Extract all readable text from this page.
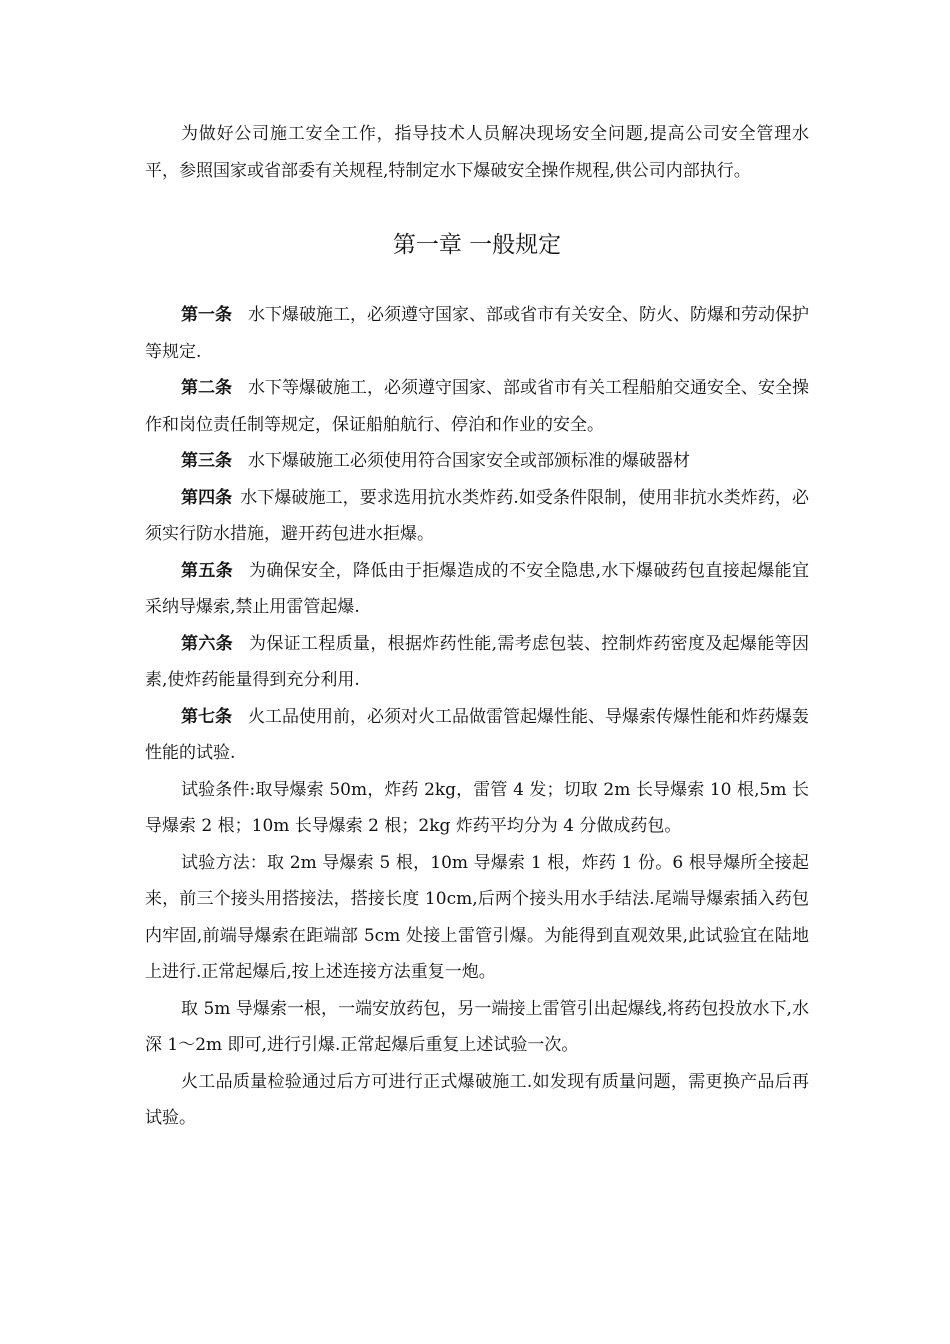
为做好公司施工安全工作，指导技术人员解决现场安全问题,提高公司安全管理水平，参照国家或省部委有关规程,特制定水下爆破安全操作规程,供公司内部执行。

第一章 一般规定

第一条 水下爆破施工，必须遵守国家、部或省市有关安全、防火、防爆和劳动保护等规定.

第二条 水下等爆破施工，必须遵守国家、部或省市有关工程船舶交通安全、安全操作和岗位责任制等规定，保证船舶航行、停泊和作业的安全。

第三条 水下爆破施工必须使用符合国家安全或部颁标准的爆破器材

第四条 水下爆破施工，要求选用抗水类炸药.如受条件限制，使用非抗水类炸药，必须实行防水措施，避开药包进水拒爆。

第五条 为确保安全，降低由于拒爆造成的不安全隐患,水下爆破药包直接起爆能宜采纳导爆索,禁止用雷管起爆.

第六条 为保证工程质量，根据炸药性能,需考虑包装、控制炸药密度及起爆能等因素,使炸药能量得到充分利用.

第七条 火工品使用前，必须对火工品做雷管起爆性能、导爆索传爆性能和炸药爆轰性能的试验.

试验条件:取导爆索 50m，炸药 2kg，雷管 4 发；切取 2m 长导爆索 10 根,5m 长导爆索 2 根；10m 长导爆索 2 根；2kg 炸药平均分为 4 分做成药包。

试验方法：取 2m 导爆索 5 根，10m 导爆索 1 根，炸药 1 份。6 根导爆所全接起来，前三个接头用搭接法，搭接长度 10cm,后两个接头用水手结法.尾端导爆索插入药包内牢固,前端导爆索在距端部 5cm 处接上雷管引爆。为能得到直观效果,此试验宜在陆地上进行.正常起爆后,按上述连接方法重复一炮。

取 5m 导爆索一根，一端安放药包，另一端接上雷管引出起爆线,将药包投放水下,水深 1～2m 即可,进行引爆.正常起爆后重复上述试验一次。

火工品质量检验通过后方可进行正式爆破施工.如发现有质量问题，需更换产品后再试验。
